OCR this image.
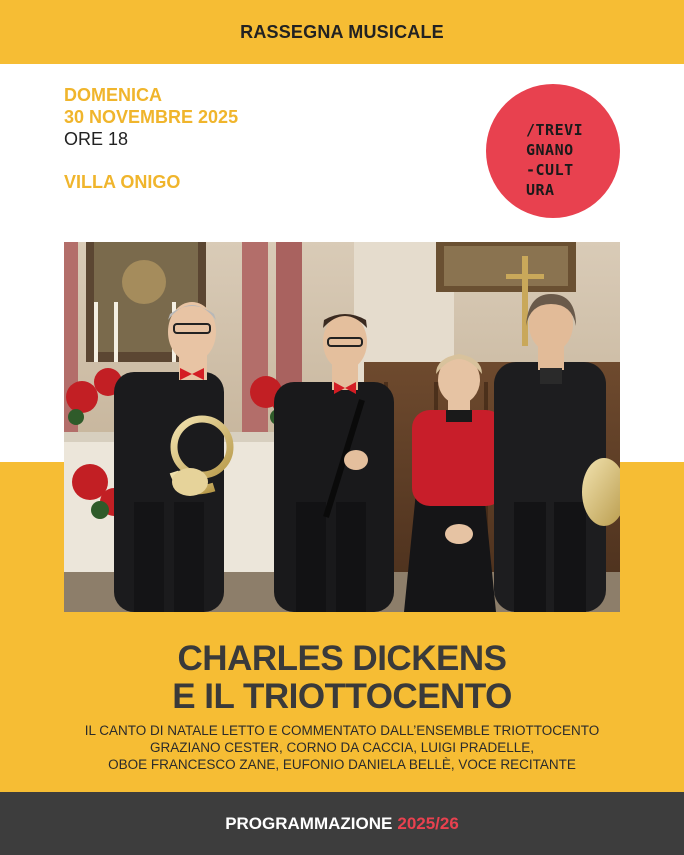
RASSEGNA MUSICALE
DOMENICA
30 NOVEMBRE 2025
ORE 18
VILLA ONIGO
/TREVI
GNANO
-CULT
URA
CHARLES DICKENS
E IL TRIOTTOCENTO
IL CANTO DI NATALE LETTO E COMMENTATO DALL’ENSEMBLE TRIOTTOCENTO
GRAZIANO CESTER, CORNO DA CACCIA, LUIGI PRADELLE,
OBOE FRANCESCO ZANE, EUFONIO DANIELA BELLÈ, VOCE RECITANTE
PROGRAMMAZIONE 2025/26
